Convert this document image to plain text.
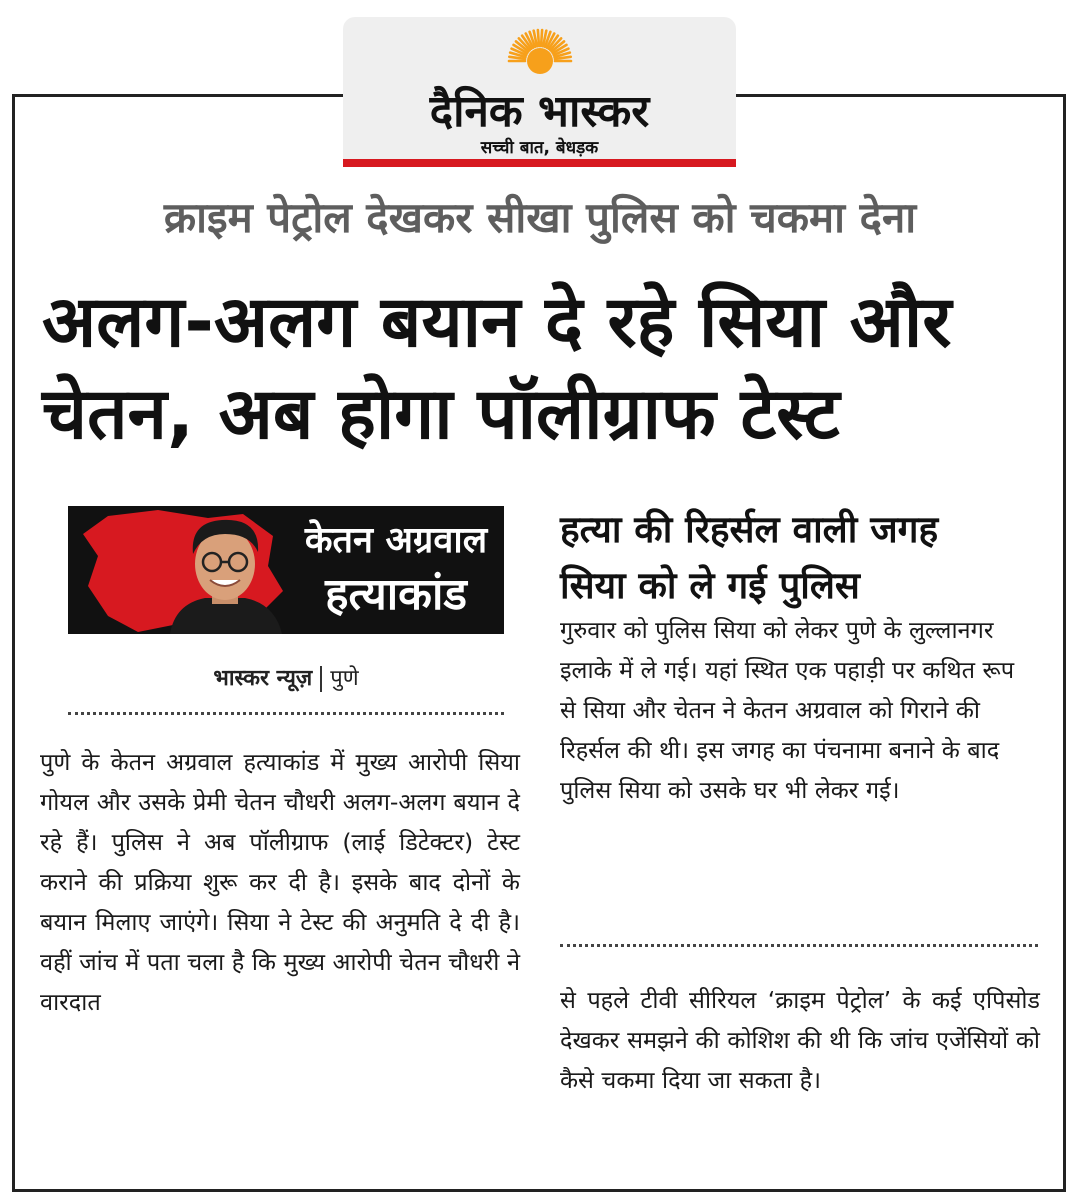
दैनिक भास्कर
सच्ची बात, बेधड़क
क्राइम पेट्रोल देखकर सीखा पुलिस को चकमा देना
अलग-अलग बयान दे रहे सिया और
चेतन, अब होगा पॉलीग्राफ टेस्ट
केतन अग्रवाल
हत्याकांड
भास्कर न्यूज़ पुणे
पुणे के केतन अग्रवाल हत्याकांड में मुख्य आरोपी सिया गोयल और उसके प्रेमी चेतन चौधरी अलग-अलग बयान दे रहे हैं। पुलिस ने अब पॉलीग्राफ (लाई डिटेक्टर) टेस्ट कराने की प्रक्रिया शुरू कर दी है। इसके बाद दोनों के बयान मिलाए जाएंगे। सिया ने टेस्ट की अनुमति दे दी है। वहीं जांच में पता चला है कि मुख्य आरोपी चेतन चौधरी ने वारदात
हत्या की रिहर्सल वाली जगह
सिया को ले गई पुलिस
गुरुवार को पुलिस सिया को लेकर पुणे के लुल्लानगर इलाके में ले गई। यहां स्थित एक पहाड़ी पर कथित रूप से सिया और चेतन ने केतन अग्रवाल को गिराने की रिहर्सल की थी। इस जगह का पंचनामा बनाने के बाद पुलिस सिया को उसके घर भी लेकर गई।
से पहले टीवी सीरियल ‘क्राइम पेट्रोल’ के कई एपिसोड देखकर समझने की कोशिश की थी कि जांच एजेंसियों को कैसे चकमा दिया जा सकता है।
